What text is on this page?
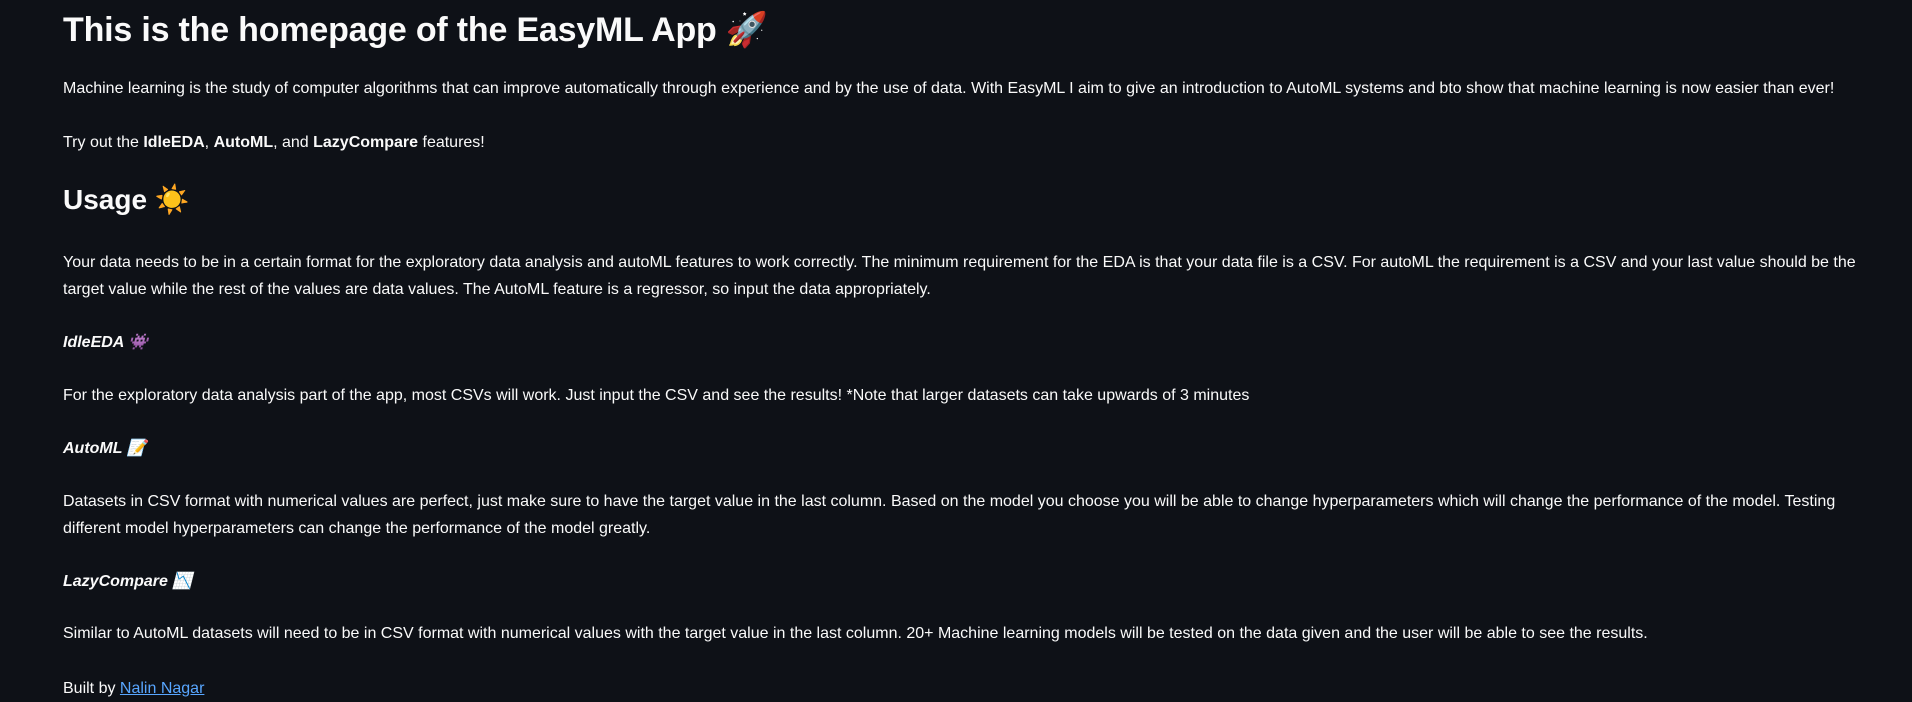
This is the homepage of the EasyML App 🚀

Machine learning is the study of computer algorithms that can improve automatically through experience and by the use of data. With EasyML I aim to give an introduction to AutoML systems and bto show that machine learning is now easier than ever!

Try out the IdleEDA, AutoML, and LazyCompare features!

Usage ☀️

Your data needs to be in a certain format for the exploratory data analysis and autoML features to work correctly. The minimum requirement for the EDA is that your data file is a CSV. For autoML the requirement is a CSV and your last value should be the target value while the rest of the values are data values. The AutoML feature is a regressor, so input the data appropriately.

IdleEDA 👾

For the exploratory data analysis part of the app, most CSVs will work. Just input the CSV and see the results! *Note that larger datasets can take upwards of 3 minutes

AutoML 📝

Datasets in CSV format with numerical values are perfect, just make sure to have the target value in the last column. Based on the model you choose you will be able to change hyperparameters which will change the performance of the model. Testing different model hyperparameters can change the performance of the model greatly.

LazyCompare 📉

Similar to AutoML datasets will need to be in CSV format with numerical values with the target value in the last column. 20+ Machine learning models will be tested on the data given and the user will be able to see the results.

Built by Nalin Nagar
